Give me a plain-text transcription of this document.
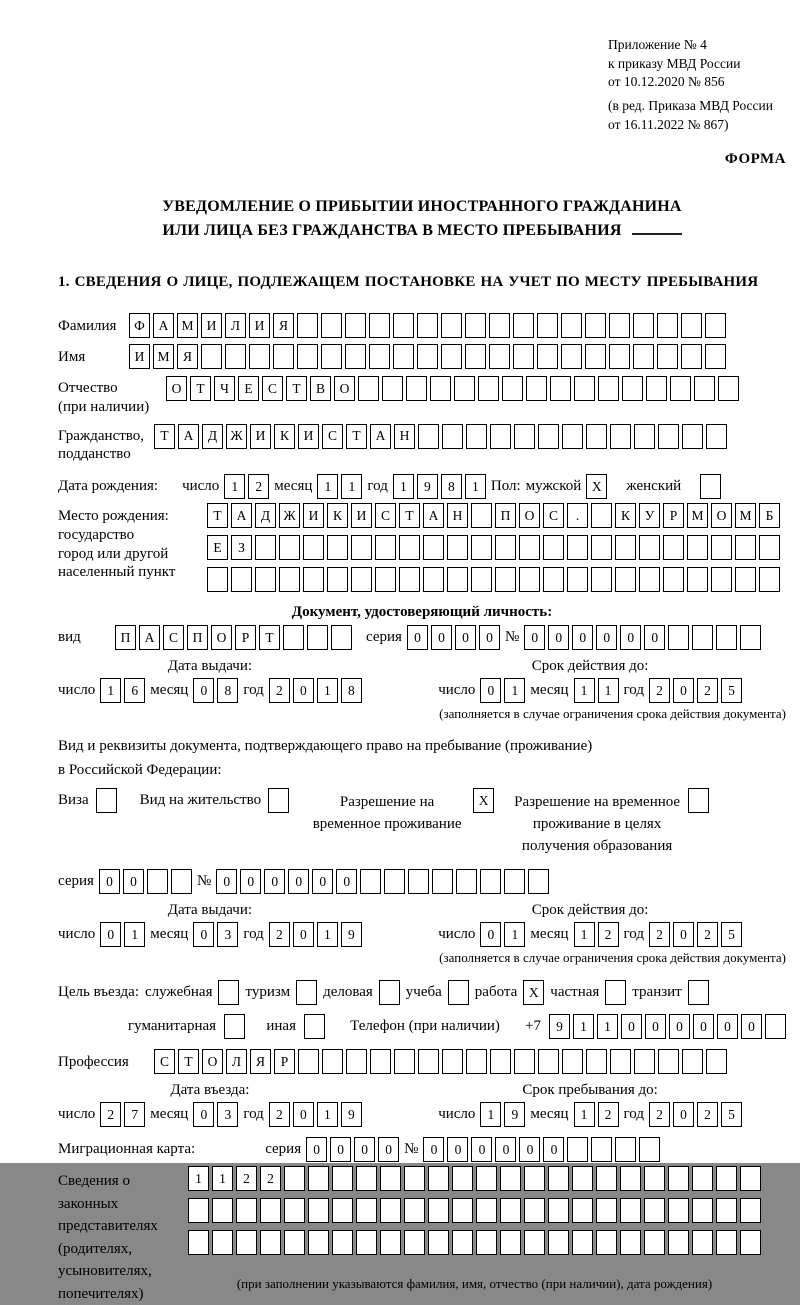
Приложение № 4
к приказу МВД России
от 10.12.2020 № 856
(в ред. Приказа МВД России
от 16.11.2022 № 867)
ФОРМА
УВЕДОМЛЕНИЕ О ПРИБЫТИИ ИНОСТРАННОГО ГРАЖДАНИНА
ИЛИ ЛИЦА БЕЗ ГРАЖДАНСТВА В МЕСТО ПРЕБЫВАНИЯ
1. СВЕДЕНИЯ О ЛИЦЕ, ПОДЛЕЖАЩЕМ ПОСТАНОВКЕ НА УЧЕТ ПО МЕСТУ ПРЕБЫВАНИЯ
Фамилия	Ф	А М И	Л	И	Я
Имя	И М Я
Отчество
(при наличии)
О	Т	Ч	Е	С	Т	В	О
Гражданство,
подданство
Т	А	Д Ж И	К	И	С	Т	А	Н
Дата рождения:	число 1	2 месяц 1	1 год 1	9	8	1 Пол: мужской X	женский
Место рождения:
государство
город или другой
населенный пункт
Т	А	Д Ж И	К	И	С	Т	А	Н	П	О	С	.	К	У	Р	М О М	Б
Е	З
Документ, удостоверяющий личность:
вид	П	А	С	П	О	Р	Т	серия 0	0	0	0 № 0	0	0	0	0	0
Дата выдачи:
число 1	6 месяц 0	8 год 2	0	1	8
Срок действия до:
число 0	1 месяц 1	1 год 2	0	2	5
(заполняется в случае ограничения срока действия документа)
Вид и реквизиты документа, подтверждающего право на пребывание (проживание)
в Российской Федерации:
Виза	Вид на жительство	Разрешение на временное проживание
X	Разрешение на временное проживание в целях получения образования
серия 0	0	№ 0	0	0	0	0	0
Дата выдачи:
число 0	1 месяц 0	3 год 2	0	1	9
Срок действия до:
число 0	1 месяц 1	2 год 2	0	2	5
(заполняется в случае ограничения срока действия документа)
Цель въезда: служебная туризм деловая учеба работа X частная транзит
гуманитарная	иная	Телефон (при наличии) +7	9	1	1	0	0	0	0	0	0
Профессия	С	Т	О	Л	Я	Р
Дата въезда:
число 2	7 месяц 0	3 год 2	0	1	9
Срок пребывания до:
число 1	9 месяц 1	2 год 2	0	2	5
Миграционная карта:	серия 0	0	0	0 № 0	0	0	0	0	0
Сведения о
законных
представителях
(родителях,
усыновителях,
попечителях)
1	1	2	2
(при заполнении указываются фамилия, имя, отчество (при наличии), дата рождения)
